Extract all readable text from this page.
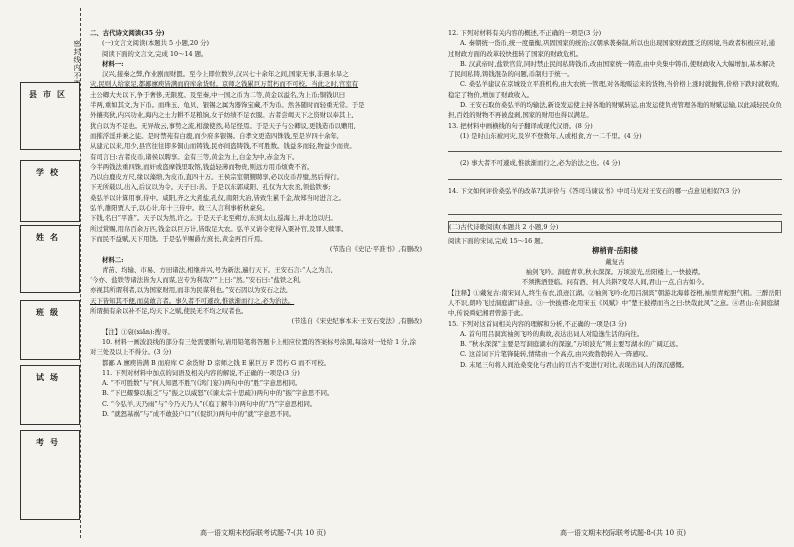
密封线内不
县市区
学校
姓名
班级
试场
考号

二、古代诗文阅读(35 分)

(一)文言文阅读(本题共 5 小题,20 分)

阅读下面的文言文,完成 10～14 题。

材料一:

汉兴,接秦之弊,作业剧而财匮。至今上即位数岁,汉兴七十余年之间,国家无事,非遇水旱之

灾,民则人给家足,都鄙廪庾皆满而府库余货财。京师之钱累巨万贯朽而不可校。当此之时,宫室有

土公卿大夫以下,争于奢侈,无限度。及至秦,中一国之币为二等,黄金以溢名,为上币;铜钱识曰

半两,重如其文,为下币。而珠玉、龟贝、银锡之属为器饰宝藏,不为币。然各随时而轻重无常。于是

外攘夷狄,内兴功业,海内之士力耕不足粮饷,女子纺绩不足衣服。古者尝竭天下之资财以奉其上,

犹自以为不足也。无异故云,事势之流,相激使然,曷足怪焉。于是天子与公卿议,更钱造币以赡用,

而摧浮淫并兼之徒。是时禁苑有白鹿,而少府多银锡。自孝文更造四铢钱,至是岁四十余年,

从建元以来,用少,县官往往即多铜山而铸钱,民亦间盗铸钱,不可胜数。钱益多而轻,物益少而贵。

有司言曰:古者皮币,诸侯以聘享。金有三等,黄金为上,白金为中,赤金为下。

今半两钱法重四铢,而奸或盗摩钱里取镕,钱益轻薄而物贵,则远方用币烦费不省。

乃以白鹿皮方尺,缘以藻缋,为皮币,直四十万。王侯宗室朝觐聘享,必以皮币荐璧,然后得行。

下无所载以,出入,后议以为令。天子曰:善。于是以东郭咸阳、孔仅为大农丞,领盐铁事;

桑弘羊以计算用事,侍中。咸阳,齐之大煮盐,孔仅,南阳大冶,皆致生累千金,故郑当时进言之。

弘羊,雒阳贾人子,以心计,年十三侍中。故三人言利事析秋豪矣。

下钱,名曰“平准”。天子以为然,许之。于是天子北至朔方,东到太山,巡海上,并北边以归。

所过赏赐,用帛百余万匹,钱金以巨万计,皆取足大农。弘羊又请令吏得入粟补官,及罪人赎罪。

下而民不益赋,天下用饶。于是弘羊赐爵左庶长,黄金再百斤焉。

(节选自《史记·平准书》,有删改)

材料二:

青苗、均输、市易、方田诸法,相继并兴,号为新法,遍行天下。王安石言:“人之为言,

‘今亦、盐铁等诸法皆为人而谋,岂专为利哉?’”上曰:“然。”安石曰:“盐铁之利,

亦视其所谓利者,以为国家财用,而非为民谋利也。”安石因以为安石之法,

天下皆知其不便,而莫敢言者。事久者不可遽改,惟欲渐而行之,必为治法。

所谓损有余以补不足,均天下之赋,使民无不均之叹者也。

(节选自《宋史纪事本末·王安石变法》,有删改)

【注】①裒(xiǎn):搜寻。

10. 材料一画波浪线的部分有三处需要断句,请用铅笔将答题卡上相应位置的答案标号涂黑,每涂对一处给 1 分,涂对三处及以上不得分。(3 分)

都鄙 A 廪庾皆满 B 而府库 C 余货财 D 京师之钱 E 累巨万 F 贯朽 G 而不可校。

11. 下列对材料中加点的词语及相关内容的解说,不正确的一项是(3 分)

A. “不可胜数”与“何人知恩不胜”(《鸿门宴》)两句中的“胜”字意思相同。

B. “下巴耀黎以振乏”与“振之以威怒”(《谏太宗十思疏》)两句中的“振”字意思不同。

C. “今弘羊,天乃雨”与“今乃天乃人”(《庖丁解牛》)两句中的“乃”字意思相同。

D. “就怒基祸”与“成不敢鼓户口”(《促织》)两句中的“就”字意思不同。

高一语文期末校际联考试题-7-(共 10 页)

12. 下列对材料有关内容的概述,不正确的一项是(3 分)

A. 秦朝统一货币,统一度量衡,巩固国家的统治;汉朝承袭秦制,所以也出现国家财政匮乏的困境,当政者积极应对,通

过财政方面的改革较快扭转了国家的财政危机。

B. 汉武帝时,盐铁官营,同时禁止民间私铸钱币,改由国家统一铸造,由中央集中铸币,使财政收入大幅增加,基本解决

了民间私铸,铸钱混杂的问题,币制归于统一。

C. 桑弘羊建议在京城设立平准机构,由大农统一管理,对各地贩运来的货物,当价格上涨时就抛售,价格下跌时就收购,

稳定了物价,增加了财政收入。

D. 王安石取仿桑弘羊的均输法,新设发运使主持各地的财赋转运,由发运使负责管理各地的财赋运输,以此减轻民众负

担,百姓的财物不再被盘剥,国家的财用也得以满足。

13. 把材料中画横线的句子翻译成现代汉语。(8 分)

(1) 是时山东被河灾,及岁不登数年,人或相食,方一二千里。(4 分)

(2) 事大者不可遽成,惟欲渐而行之,必为治法之也。(4 分)

14. 下文如何评价桑弘羊的改革?其评价与《答司马谏议书》中司马光对王安石的哪一点意见相似?(3 分)

(二)古代诗歌阅读(本题共 2 小题,9 分)

阅读下面的宋词,完成 15～16 题。

柳梢青·岳阳楼

戴复古

袖剑飞吟。洞庭青草,秋水深深。万顷波光,岳阳楼上,一快披襟。

不须携酒登临。问有酒、何人共斟?变尽人间,君山一点,自古如今。

【注释】①戴复古:南宋词人,终生布衣,浪迹江湖。②袖剑飞吟:化用吕洞宾“朝游北海暮苍梧,袖里青蛇胆气粗。三醉岳阳人不识,朗吟飞过洞庭湖”诗意。③一快披襟:化用宋玉《风赋》中“楚王披襟而当之曰:快哉此风”之意。④君山:在洞庭湖中,传说舜妃湘君曾游于此。

15. 下列对这首词相关内容的理解和分析,不正确的一项是(3 分)

A. 首句用吕洞宾袖剑飞吟的典故,表达出词人对隐逸生活的向往。

B. “秋水深深”主要是写洞庭湖水的深邃,“万顷波光”则主要写湖水的广阔辽远。

C. 这首词下片笔锋陡转,情绪由一个高点,由兴致勃勃转入一阵感叹。

D. 末尾三句将人间沧桑变化与君山的亘古不变进行对比,表现出词人的深沉感慨。

高一语文期末校际联考试题-8-(共 10 页)
